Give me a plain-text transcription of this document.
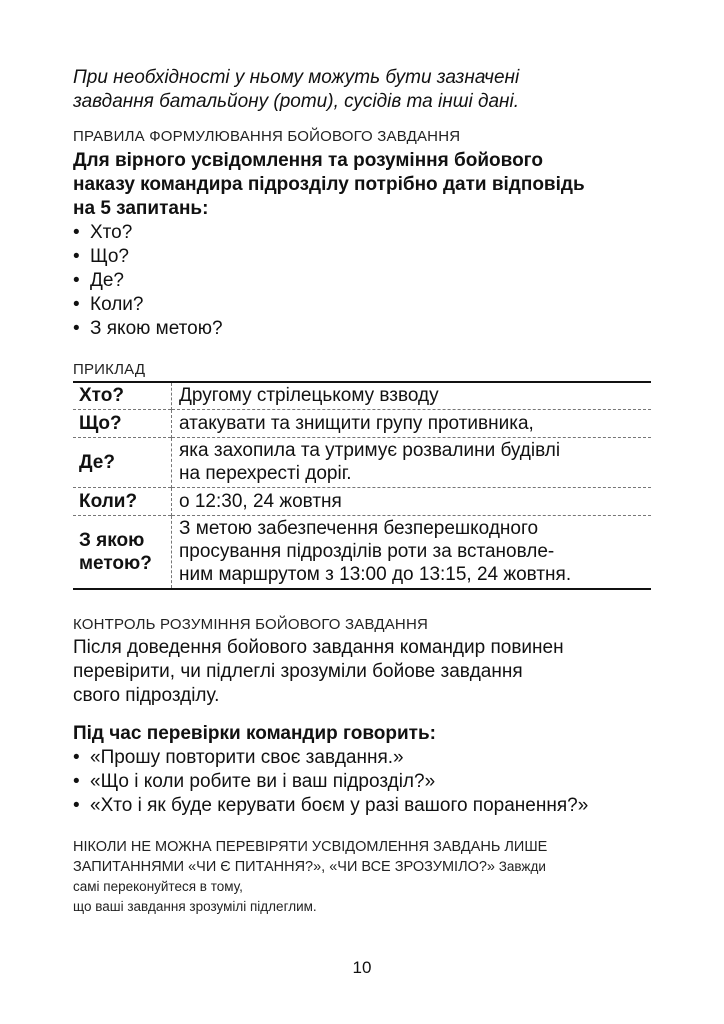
При необхідності у ньому можуть бути зазначені
завдання батальйону (роти), сусідів та інші дані.

ПРАВИЛА ФОРМУЛЮВАННЯ БОЙОВОГО ЗАВДАННЯ

Для вірного усвідомлення та розуміння бойового
наказу командира підрозділу потрібно дати відповідь
на 5 запитань:

• Хто?
• Що?
• Де?
• Коли?
• З якою метою?

ПРИКЛАД

Хто?	Другому стрілецькому взводу
Що?	атакувати та знищити групу противника,
Де?	яка захопила та утримує розвалини будівлі
на перехресті доріг.
Коли?	о 12:30, 24 жовтня
З якою
метою?	З метою забезпечення безперешкодного
просування підрозділів роти за встановле-
ним маршрутом з 13:00 до 13:15, 24 жовтня.

КОНТРОЛЬ РОЗУМІННЯ БОЙОВОГО ЗАВДАННЯ

Після доведення бойового завдання командир повинен
перевірити, чи підлеглі зрозуміли бойове завдання
свого підрозділу.

Під час перевірки командир говорить:

• «Прошу повторити своє завдання.»
• «Що і коли робите ви і ваш підрозділ?»
• «Хто і як буде керувати боєм у разі вашого поранення?»

НІКОЛИ НЕ МОЖНА ПЕРЕВІРЯТИ УСВІДОМЛЕННЯ ЗАВДАНЬ ЛИШЕ
ЗАПИТАННЯМИ «ЧИ Є ПИТАННЯ?», «ЧИ ВСЕ ЗРОЗУМІЛО?» Завжди
самі переконуйтеся в тому,
що ваші завдання зрозумілі підлеглим.

10
